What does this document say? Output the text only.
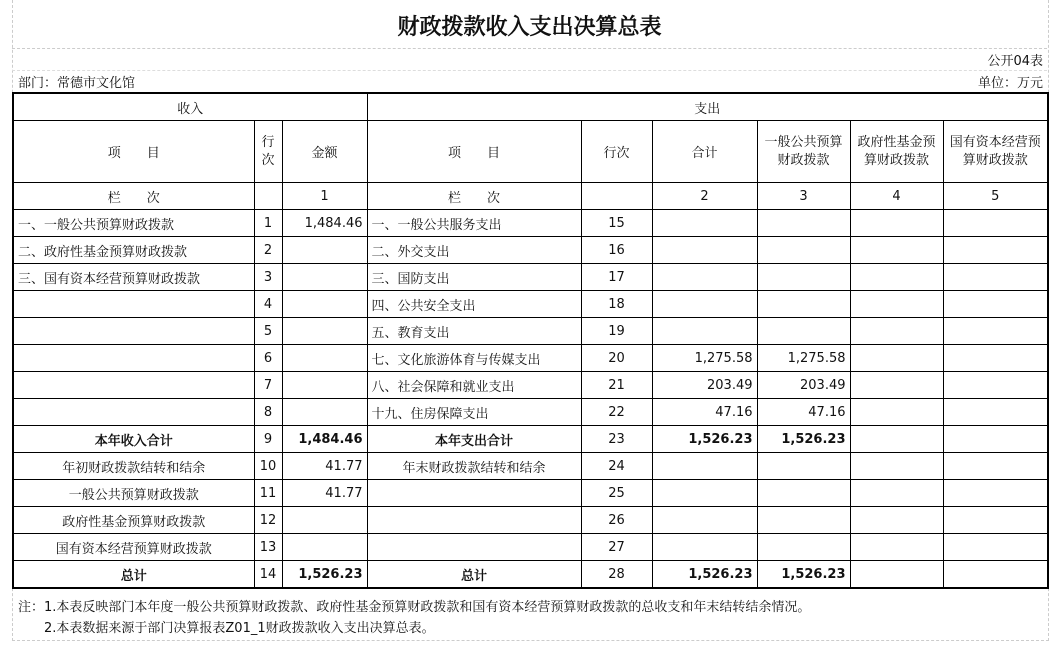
财政拨款收入支出决算总表
公开04表
部门：常德市文化馆	单位：万元
收入			支出					
项　　目	行次	金额	项　　目	行次	合计	一般公共预算财政拨款	政府性基金预算财政拨款	国有资本经营预算财政拨款
栏　　次		1	栏　　次		2	3	4	5
一、一般公共预算财政拨款	1	1,484.46	一、一般公共服务支出	15				
二、政府性基金预算财政拨款	2		二、外交支出	16				
三、国有资本经营预算财政拨款	3		三、国防支出	17				
	4		四、公共安全支出	18				
	5		五、教育支出	19				
	6		七、文化旅游体育与传媒支出	20	1,275.58	1,275.58		
	7		八、社会保障和就业支出	21	203.49	203.49		
	8		十九、住房保障支出	22	47.16	47.16		
本年收入合计	9	1,484.46	本年支出合计	23	1,526.23	1,526.23		
年初财政拨款结转和结余	10	41.77	年末财政拨款结转和结余	24				
一般公共预算财政拨款	11	41.77		25				
政府性基金预算财政拨款	12			26				
国有资本经营预算财政拨款	13			27				
总计	14	1,526.23	总计	28	1,526.23	1,526.23		
注：1.本表反映部门本年度一般公共预算财政拨款、政府性基金预算财政拨款和国有资本经营预算财政拨款的总收支和年末结转结余情况。
　　2.本表数据来源于部门决算报表Z01_1财政拨款收入支出决算总表。
